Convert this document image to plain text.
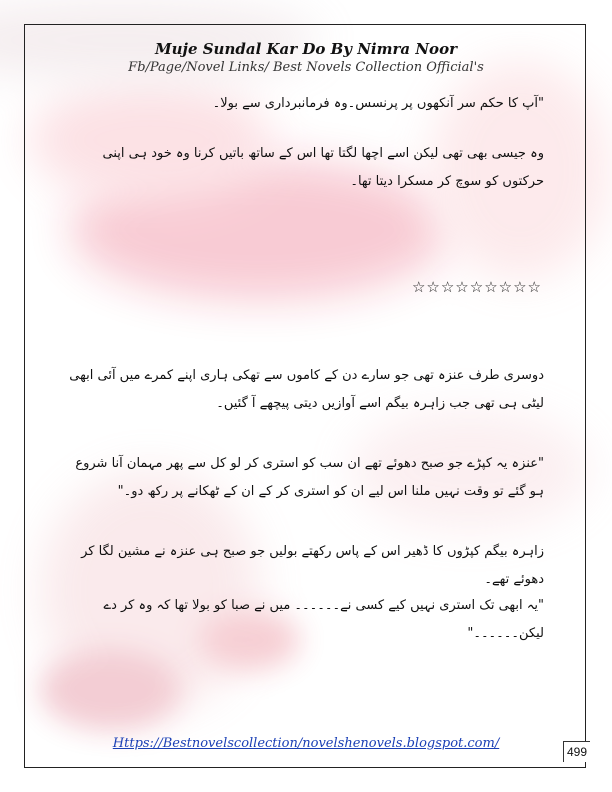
Muje Sundal Kar Do By Nimra Noor
Fb/Page/Novel Links/ Best Novels Collection Official's
"آپ کا حکم سر آنکھوں پر پرنسس۔وہ فرمانبرداری سے بولا۔
وہ جیسی بھی تھی لیکن اسے اچھا لگتا تھا اس کے ساتھ باتیں کرنا وہ خود ہی اپنی حرکتوں کو سوچ کر مسکرا دیتا تھا۔
☆☆☆☆☆☆☆☆☆
دوسری طرف عنزہ تھی جو سارے دن کے کاموں سے تھکی ہاری اپنے کمرے میں آئی ابھی لیٹی ہی تھی جب زاہرہ بیگم اسے آوازیں دیتی پیچھے آ گئیں۔
"عنزہ یہ کپڑے جو صبح دھوئے تھے ان سب کو استری کر لو کل سے پھر مہمان آنا شروع ہو گئے تو وقت نہیں ملنا اس لیے ان کو استری کر کے ان کے ٹھکانے پر رکھ دو۔"
زاہرہ بیگم کپڑوں کا ڈھیر اس کے پاس رکھتے بولیں جو صبح ہی عنزہ نے مشین لگا کر دھوئے تھے۔
"یہ ابھی تک استری نہیں کیے کسی نے۔۔۔۔۔۔ میں نے صبا کو بولا تھا کہ وہ کر دے لیکن۔۔۔۔۔۔"
Https://Bestnovelscollection/novelshenovels.blogspot.com/
499
